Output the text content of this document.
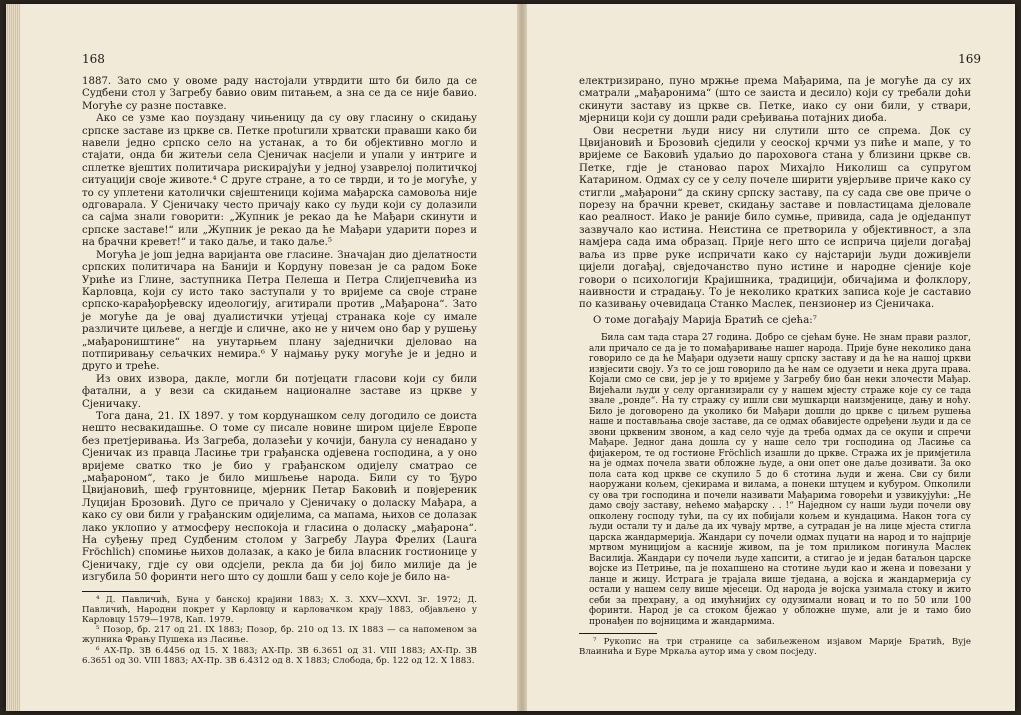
168

1887. Зато смо у овоме раду настојали утврдити што би било да се Судбени стол у Загребу бавио овим питањем, а зна се да се није бавио. Могуће су разне поставке.

Ако се узме као поуздану чињеницу да су ову гласину о скидању српске заставе из цркве св. Петке проturили хрватски правaши како би навели једно српско село на устанак, а то би објективно могло и стајати, онда би житељи села Сјеничак насјели и упали у интриге и сплетке вјештих политичара рискирајући у једној узаврелој политичкој ситуацији своје животе.⁴ С друге стране, а то се тврди, и то је могуће, у то су уплетени католички свјештеници којима мађарска самовоља није одговарала. У Сјеничаку често причају како су људи који су долазили са сајма знали говорити: „Жупник је рекао да ће Мађари скинути и српске заставе!“ или „Жупник је рекао да ће Мађари ударити порез и на брачни кревет!“ и тако даље, и тако даље.⁵

Могућа је још једна варијанта ове гласине. Значајан дио дјелатности српских политичара на Банији и Кордуну повезан је са радом Боке Уриће из Глине, заступника Петра Пелеша и Петра Слијепчевића из Карловца, који су исто тако заступали у то вријеме са своје стране српско-карађорђевску идеологију, агитирали против „Мађарона“. Зато је могуће да је овај дуалистички утјецај странака које су имале различите циљеве, а негдје и сличне, ако не у ничем оно бар у рушењу „мађароништине“ на унутарњем плану заједнички дјеловао на потпиривању сељачких немира.⁶ У најмању руку могуће је и једно и друго и треће.

Из ових извора, дакле, могли би потјецати гласови који су били фатални, а у вези са скидањем националне заставе из цркве у Сјеничаку.

Тога дана, 21. IX 1897. у том кордунашком селу догодило се доиста нешто несвакидашње. О томе су писале новине широм цијеле Европе без претјеривања. Из Загреба, долазећи у кочији, банула су ненадано у Сјеничак из правца Ласиње три грађанска одјевена господина, а у оно вријеме сватко тко је био у грађанском одијелу сматрао се „мађароном“, тако је било мишљење народа. Били су то Ђуро Цвијановић, шеф грунтовнице, мјерник Петар Баковић и повјереник Луцијан Брозовић. Дуго се причало у Сјеничаку о доласку Мађара, а како су ови били у грађанским одијелима, са мапама, њихов се долазак лако уклопио у атмосферу неспокоја и гласина о доласку „мађарона“. На суђењу пред Судбеним столом у Загребу Лаура Фрелих (Laura Fröchlich) спомиње њихов долазак, а како је била власник гостионице у Сјеничаку, гдје су ови одсјели, рекла да би јој било милије да је изгубила 50 форинти него што су дошли баш у село које је било на-

⁴ Д. Павличић, Буна у банској крајини 1883; X. 3. XXV—XXVI. Зг. 1972; Д. Павличић, Народни покрет у Карловцу и карловачком крају 1883, објављено у Карловцу 1579—1978, Кап. 1979.

⁵ Позор, бр. 217 од 21. IX 1883; Позор, бр. 210 од 13. IX 1883 — са напоменом за жупника Фрању Пушека из Ласиње.

⁶ АХ-Пр. ЗВ 6.4456 од 15. X 1883; АХ-Пр. ЗВ 6.3651 од 31. VIII 1883; АХ-Пр. ЗВ 6.3651 од 30. VIII 1883; АХ-Пр. ЗВ 6.4312 од 8. X 1883; Слобода, бр. 122 од 12. X 1883.

169

електризирано, пуно мржње према Мађарима, па је могуће да су их сматрали „мађаронима“ (што се заиста и десило) који су требали доћи скинути заставу из цркве св. Петке, иако су они били, у ствари, мјерници који су дошли ради сређивања потајних диоба.

Ови несретни људи нису ни слутили што се спрема. Док су Цвијановић и Брозовић сједили у сеоској крчми уз пиће и мапе, у то вријеме се Баковић удаљио до пароховога стана у близини цркве св. Петке, гдје је становао парох Михајло Николиш са супругом Катарином. Одмах су се у селу почеле ширити увјерљиве приче како су стигли „мађарони“ да скину српску заставу, па су сада све ове приче о порезу на брачни кревет, скидању заставе и повластицама дјеловале као реалност. Иако је ранијe било сумње, привида, сада је одједанпут зазвучало као истина. Неистина се претворила у објективност, а зла намјера сада има образац. Прије него што се исприча цијели догађај ваља из прве руке испричати како су најстарији људи доживјели цијели догађај, свједочанство пуно истине и народне сјеније које говори о психологији Крајишника, традицији, обичајима и фолклору, наивности и страдању. То је неколико кратких записа које је саставио по казивању очевидаца Станко Маслек, пензионер из Сјеничака.

О томе догађају Марија Братић се сјећа:⁷

Била сам тада стара 27 година. Добро се сјећам буне. Не знам прави разлог, али причало се да је то помађаривање нашег народа. Прије буне неколико дана говорило се да ће Мађари одузети нашу српску заставу и да ће на нашој цркви извјесити своју. Уз то се још говорило да ће нам се одузети и нека друга права. Којали смо се сви, јер је у то вријеме у Загребу био бан неки злочести Мађар. Вијећали људи у селу организирали су у нашем мјесту страже које су се тада звале „ронде“. На ту стражу су ишли сви мушкарци наизмјенице, дању и ноћу. Било је договорено да уколико би Мађари дошли до цркве с циљем рушења наше и постављања своје заставе, да се одмах обавијесте одређени људи и да се звони црквеним звоном, а кад село чује да треба одмах да се окупи и спречи Мађаре. Једног дана дошла су у наше село три господина од Ласиње са фијакером, те од гостионе Fröchlich изашли до цркве. Стража их је примјетила на је одмах почела звати обложне људе, а они опет оне даље дозивати. За око пола сата код цркве се скупило 5 до 6 стотина људи и жена. Сви су били наоружани кољем, сјекирама и вилама, а понеки штуцем и кубуром. Опколили су ова три господина и почели називати Мађарима говорећи и узвикујући: „Не дамо своју заставу, нећемо мађарску . . !“ Наједном су наши људи почели ову опколену господу тући, па су их побијали кољем и кундацима. Након тога су људи остали ту и даље да их чувају мртве, а сутрадан је на лице мјеста стигла царска жандармерија. Жандари су почели одмах пуцати на народ и то најприје мртвом муницијом а касније живом, па је том приликом погинула Маслек Василија. Жандари су почели људе хапсити, а стигао је и један батаљон царске војске из Петриње, па је похапшено на стотине људи као и жена и повезани у ланце и жицу. Истрага је трајала више тједана, а војска и жандармерија су остали у нашем селу више мјесеци. Од народа је војска узимала стоку и жито себи за прехрану, а од имућнијих су одузимали новац и то по 50 или 100 форинти. Народ је са стоком бјежао у обложне шуме, али је и тамо био пронађен по војницима и жандармима.

⁷ Рукопис на три странице са забиљеженом изјавом Марије Братић, Вује Влаинића и Буре Мркаља аутор има у свом посједу.
